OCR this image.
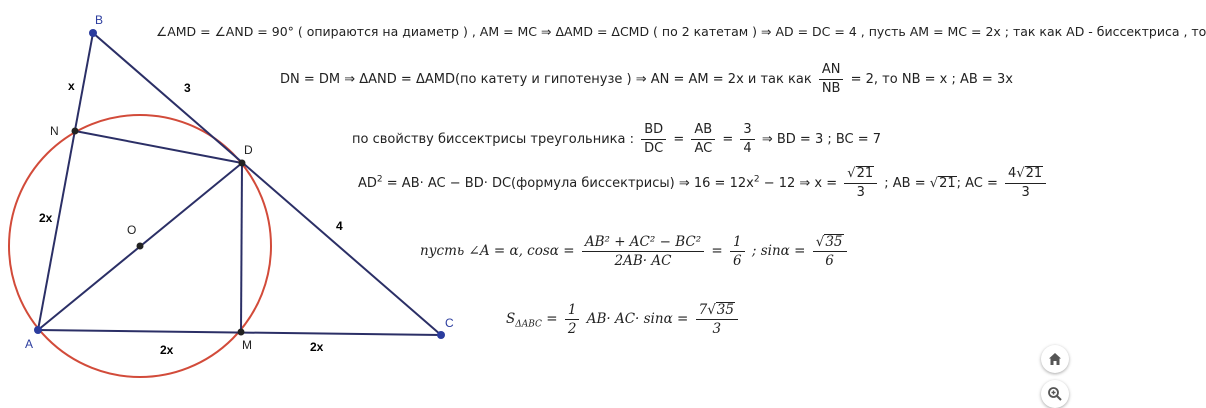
A
B
C
D
M
N
O
x	3
2x
4
2x	2x
∠AMD = ∠AND = 90° ( опираются на диаметр ) , AM = MC ⇒ ΔAMD = ΔCMD ( по 2 катетам ) ⇒ AD = DC = 4 , пусть AM = MC = 2x ; так как AD - биссектриса , то
DN = DM ⇒ ΔAND = ΔAMD(по катету и гипотенузе ) ⇒ AN = AM = 2x и так как $\frac{AN}{NB} = 2$, то NB = x ; AB = 3x
по свойству биссектрисы треугольника : $\frac{BD}{DC} = \frac{AB}{AC} = \frac{3}{4}$ ⇒ BD = 3 ; BC = 7
$AD^2 = AB\cdot$ AC − BD· DC(формула биссектрисы) ⇒ $16 = 12x^2 - 12$ ⇒ $x = \frac{√21}{3}$ ; AB = √21; AC = $\frac{4√21}{3}$
пусть ∠A = α, $\cos\alpha = \frac{\text{AB² + AC² − BC²}}{2AB\cdot AC} = \frac{1}{6}$ ; $\sin\alpha = \frac{√35}{6}$
$S_{\Delta ABC} = \frac{1}{2} AB\cdot AC\cdot \sin\alpha = \frac{7√35}{3}$
